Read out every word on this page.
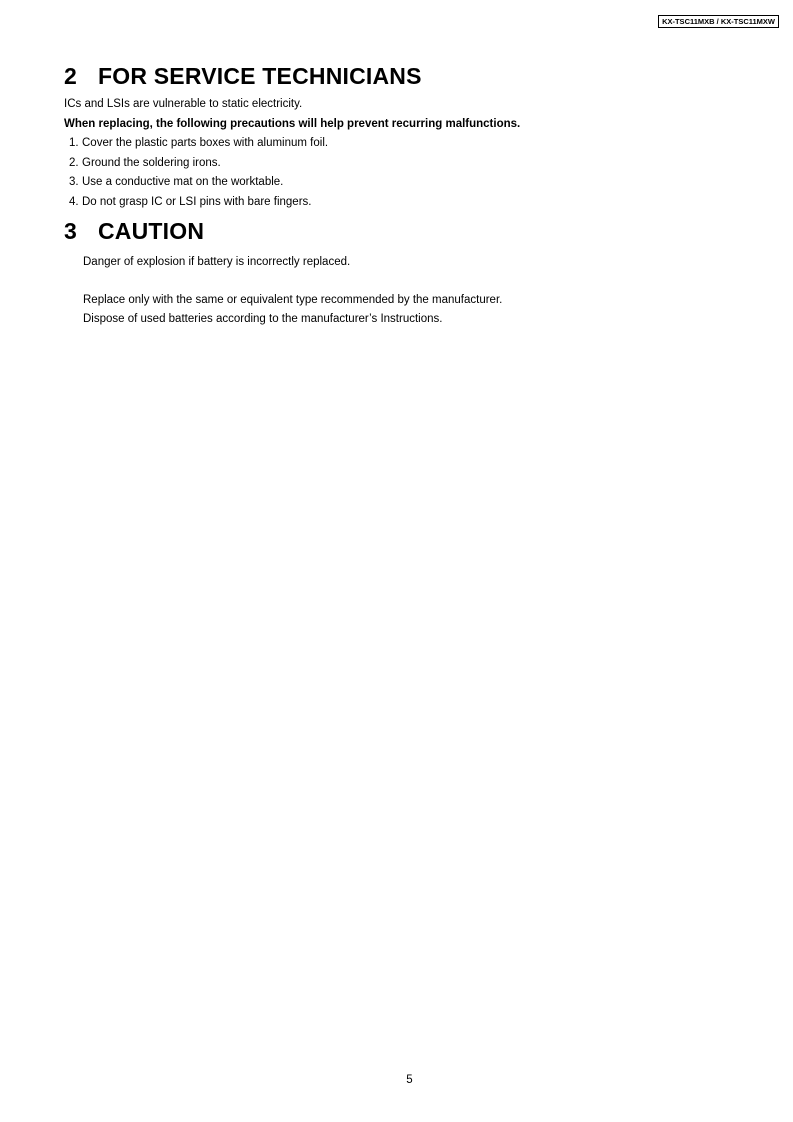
KX-TSC11MXB / KX-TSC11MXW
2 FOR SERVICE TECHNICIANS

ICs and LSIs are vulnerable to static electricity.

When replacing, the following precautions will help prevent recurring malfunctions.

1. Cover the plastic parts boxes with aluminum foil.
2. Ground the soldering irons.
3. Use a conductive mat on the worktable.
4. Do not grasp IC or LSI pins with bare fingers.
3 CAUTION

Danger of explosion if battery is incorrectly replaced.

Replace only with the same or equivalent type recommended by the manufacturer.

Dispose of used batteries according to the manufacturer’s Instructions.

5
